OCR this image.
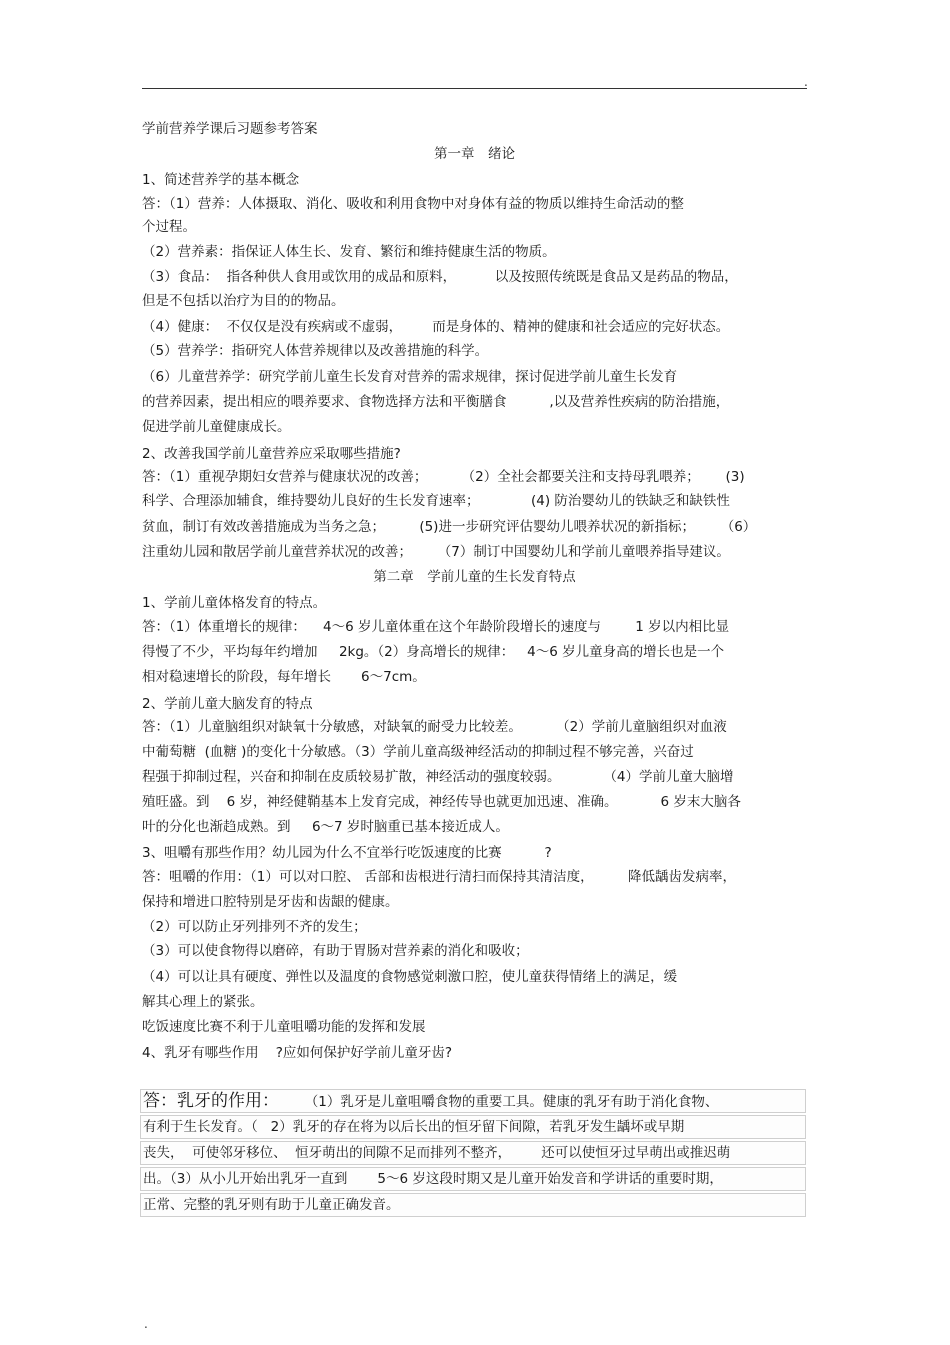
.
.
学前营养学课后习题参考答案
第一章　绪论
1、简述营养学的基本概念
答：（1）营养：人体摄取、消化、吸收和利用食物中对身体有益的物质以维持生命活动的整
个过程。
（2）营养素：指保证人体生长、发育、繁衍和维持健康生活的物质。
（3）食品：  指各种供人食用或饮用的成品和原料，         以及按照传统既是食品又是药品的物品，
但是不包括以治疗为目的的物品。
（4）健康：  不仅仅是没有疾病或不虚弱，       而是身体的、精神的健康和社会适应的完好状态。
（5）营养学：指研究人体营养规律以及改善措施的科学。
（6）儿童营养学：研究学前儿童生长发育对营养的需求规律，探讨促进学前儿童生长发育
的营养因素，提出相应的喂养要求、食物选择方法和平衡膳食          ,以及营养性疾病的防治措施，
促进学前儿童健康成长。
2、改善我国学前儿童营养应采取哪些措施?
答：（1）重视孕期妇女营养与健康状况的改善；        （2）全社会都要关注和支持母乳喂养；      (3)
科学、合理添加辅食，维持婴幼儿良好的生长发育速率；            (4) 防治婴幼儿的铁缺乏和缺铁性
贫血，制订有效改善措施成为当务之急；        (5)进一步研究评估婴幼儿喂养状况的新指标；      （6）
注重幼儿园和散居学前儿童营养状况的改善；      （7）制订中国婴幼儿和学前儿童喂养指导建议。
第二章　学前儿童的生长发育特点
1、学前儿童体格发育的特点。
答：（1）体重增长的规律：    4～6 岁儿童体重在这个年龄阶段增长的速度与        1 岁以内相比显
得慢了不少，平均每年约增加     2kg。（2）身高增长的规律：   4～6 岁儿童身高的增长也是一个
相对稳速增长的阶段，每年增长       6～7cm。
2、学前儿童大脑发育的特点
答：（1）儿童脑组织对缺氧十分敏感，对缺氧的耐受力比较差。        （2）学前儿童脑组织对血液
中葡萄糖  (血糖 )的变化十分敏感。（3）学前儿童高级神经活动的抑制过程不够完善，兴奋过
程强于抑制过程，兴奋和抑制在皮质较易扩散，神经活动的强度较弱。          （4）学前儿童大脑增
殖旺盛。到    6 岁，神经健鞘基本上发育完成，神经传导也就更加迅速、准确。          6 岁末大脑各
叶的分化也渐趋成熟。到     6～7 岁时脑重已基本接近成人。
3、咀嚼有那些作用？幼儿园为什么不宜举行吃饭速度的比赛          ?
答：咀嚼的作用：（1）可以对口腔、 舌部和齿根进行清扫而保持其清洁度，        降低龋齿发病率，
保持和增进口腔特别是牙齿和齿龈的健康。
（2）可以防止牙列排列不齐的发生；
（3）可以使食物得以磨碎，有助于胃肠对营养素的消化和吸收；
（4）可以让具有硬度、弹性以及温度的食物感觉刺激口腔，使儿童获得情绪上的满足，缓
解其心理上的紧张。
吃饭速度比赛不利于儿童咀嚼功能的发挥和发展
4、乳牙有哪些作用    ?应如何保护好学前儿童牙齿?
答：乳牙的作用：      （1）乳牙是儿童咀嚼食物的重要工具。健康的乳牙有助于消化食物、
有利于生长发育。（   2）乳牙的存在将为以后长出的恒牙留下间隙，若乳牙发生龋坏或早期
丧失，  可使邻牙移位、  恒牙萌出的间隙不足而排列不整齐，       还可以使恒牙过早萌出或推迟萌
出。（3）从小儿开始出乳牙一直到       5～6 岁这段时期又是儿童开始发音和学讲话的重要时期，
正常、完整的乳牙则有助于儿童正确发音。
